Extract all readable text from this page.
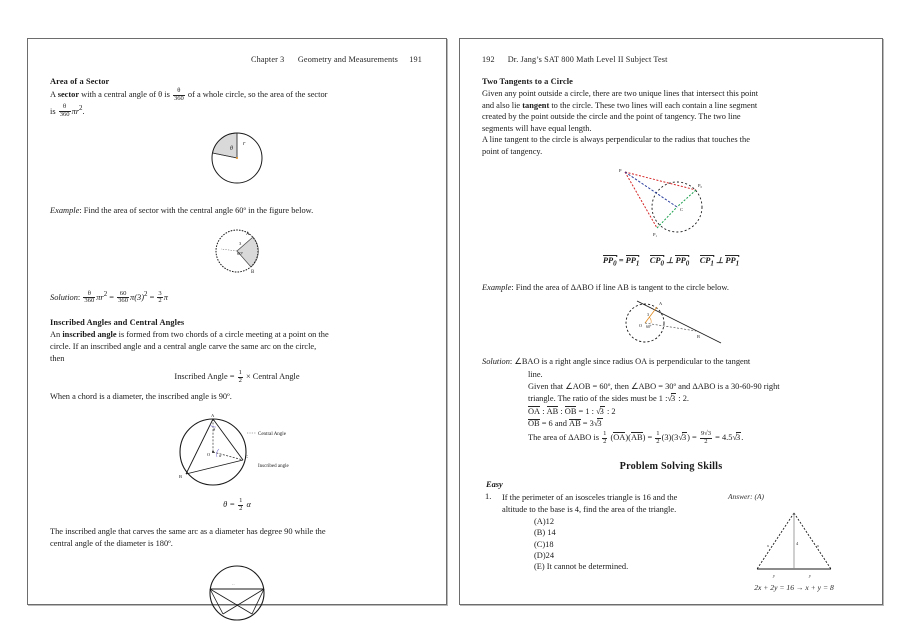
Chapter 3 Geometry and Measurements 191
Area of a Sector

A sector with a central angle of θ is $\frac{\theta}{360}$ of a whole circle, so the area of the sector
is $\frac{\theta}{360} \pi r^2$.

θ
r

Example: Find the area of sector with the central angle 60º in the figure below.

A
B
3
60º
Solution: $\frac{\theta}{360} \pi r^2 = \frac{60}{360} \pi(3)^2 = \frac{3}{2}$ π
Inscribed Angles and Central Angles

An inscribed angle is formed from two chords of a circle meeting at a point on the
circle. If an inscribed angle and a central angle carve the same arc on the circle,
then

Inscribed Angle = $\frac{1}{2}$ × Central Angle

When a chord is a diameter, the inscribed angle is 90º.

A
B
C
O
θ
α
Central Angle
Inscribed angle
$\theta = \frac{1}{2}$ α

The inscribed angle that carves the same arc as a diameter has degree 90 while the
central angle of the diameter is 180º.

··
192 Dr. Jang’s SAT 800 Math Level II Subject Test
Two Tangents to a Circle

Given any point outside a circle, there are two unique lines that intersect this point
and also lie tangent to the circle. These two lines will each contain a line segment
created by the point outside the circle and the point of tangency. The two line
segments will have equal length.
A line tangent to the circle is always perpendicular to the radius that touches the
point of tangency.

P
P₀
P₁
C
$PP_0 = PP_1$ $CP_0$ ⊥ $PP_0$ $CP_1$ ⊥ $PP_1$

Example: Find the area of ΔABO if line AB is tangent to the circle below.

A
B
O
3
60º
Solution: ∠BAO is a right angle since radius OA is perpendicular to the tangent
line.
Given that ∠AOB = 60º, then ∠ABO = 30º and ΔABO is a 30-60-90 right
triangle. The ratio of the sides must be 1 :√3 : 2.
OA : AB : OB = 1 : √3 : 2
OB = 6 and AB = 3√3
The area of ΔABO is $\frac{1}{2} (OA)(AB) = \frac{1}{2} (3)(3√3) = \frac{9√3}{2} = 4.5√3$.
Problem Solving Skills
Easy
1.	If the perimeter of an isosceles triangle is 16 and the
altitude to the base is 4, find the area of the triangle.
(A)12
(B) 14
(C)18
(D)24
(E) It cannot be determined.
Answer: (A)
x	x
4
y	y
2x + 2y = 16 → x + y = 8
